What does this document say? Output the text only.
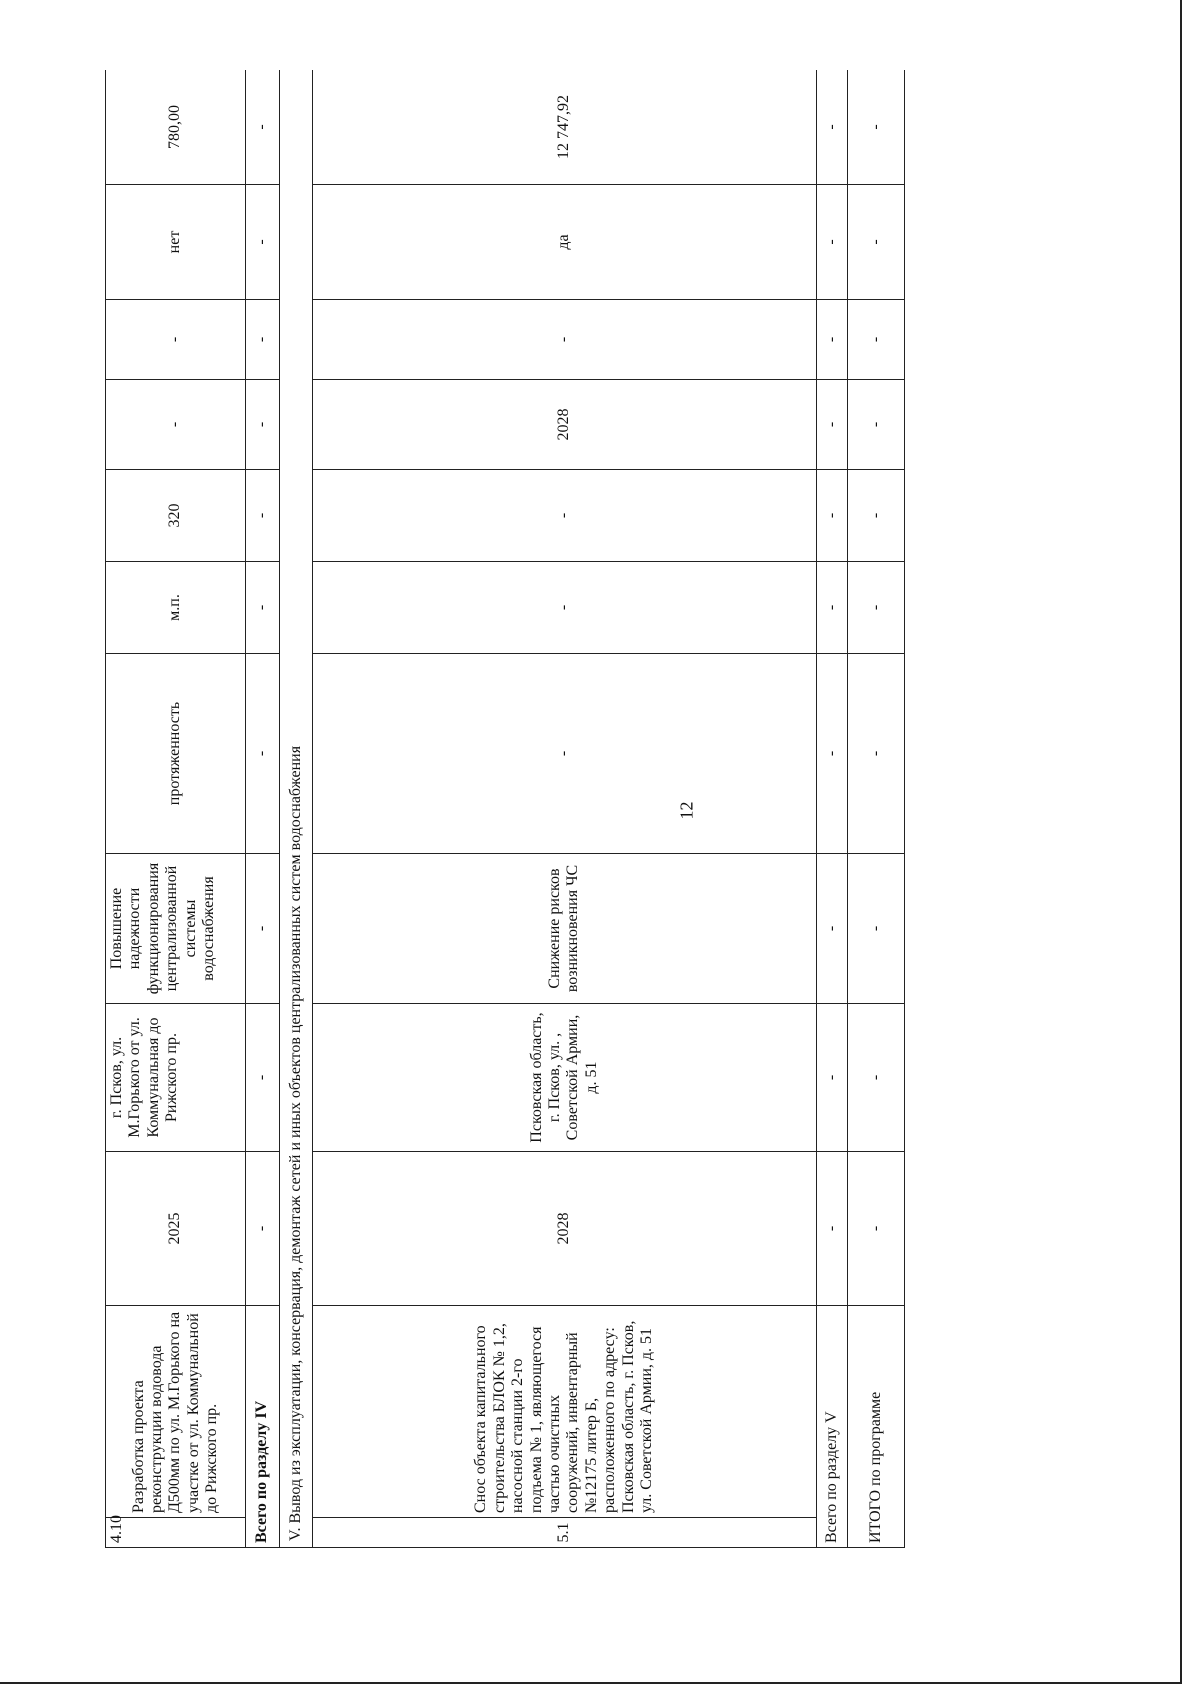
12
4.10	Разработка проекта реконструкции водовода Д500мм по ул. М.Горького на участке от ул. Коммунальной до Рижского пр.	2025	г. Псков, ул. М.Горького от ул. Коммунальная до Рижского пр.	Повышение надежности функционирования централизованной системы водоснабжения	протяженность	м.п.	320	-	-	нет	780,00
Всего по разделу IV		-	-	-	-	-	-	-	-	-	-
V. Вывод из эксплуатации, консервация, демонтаж сетей и иных объектов централизованных систем водоснабжения											
5.1	Снос объекта капитального строительства БЛОК № 1,2, насосной станции 2-го подъема № 1, являющегося частью очистных сооружений, инвентарный №12175 литер Б, расположенного по адресу: Псковская область, г. Псков, ул. Советской Армии, д. 51	2028	Псковская область, г. Псков, ул. , Советской Армии, д. 51	Снижение рисков возникновения ЧС	-	-	-	2028	-	да	12 747,92
Всего по разделу V		-	-	-	-	-	-	-	-	-	-
ИТОГО по программе		-	-	-	-	-	-	-	-	-	-
